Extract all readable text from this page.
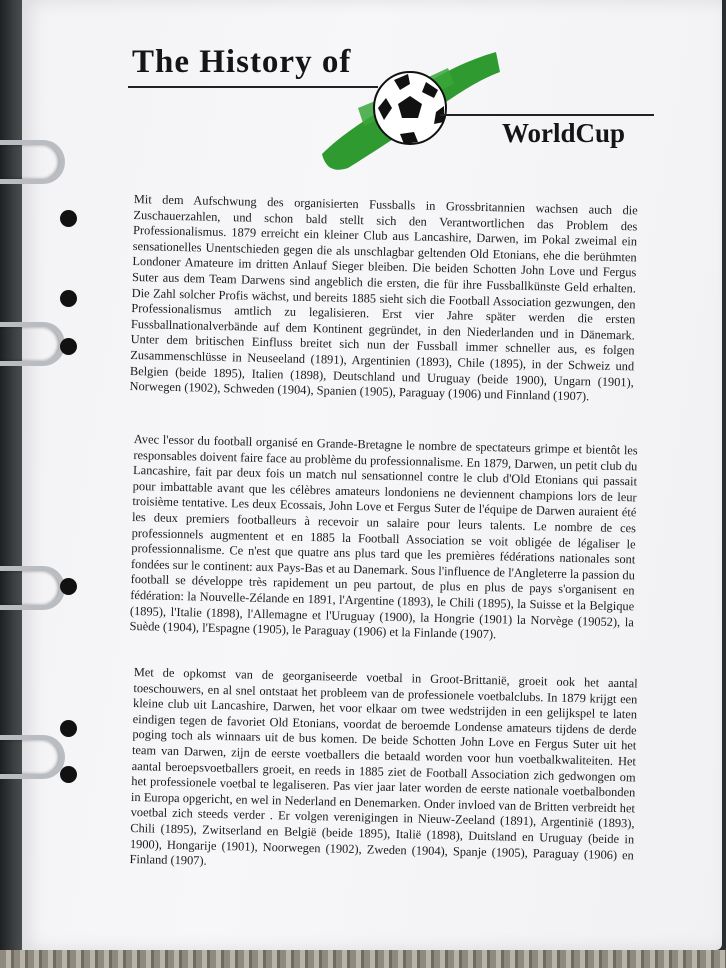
The History of
WorldCup

Mit dem Aufschwung des organisierten Fussballs in Grossbritannien wachsen auch die Zuschauerzahlen, und schon bald stellt sich den Verantwortlichen das Problem des Professionalismus. 1879 erreicht ein kleiner Club aus Lancashire, Darwen, im Pokal zweimal ein sensationelles Unentschieden gegen die als unschlagbar geltenden Old Etonians, ehe die berühmten Londoner Amateure im dritten Anlauf Sieger bleiben. Die beiden Schotten John Love und Fergus Suter aus dem Team Darwens sind angeblich die ersten, die für ihre Fussballkünste Geld erhalten. Die Zahl solcher Profis wächst, und bereits 1885 sieht sich die Football Association gezwungen, den Professionalismus amtlich zu legalisieren. Erst vier Jahre später werden die ersten Fussballnationalverbände auf dem Kontinent gegründet, in den Niederlanden und in Dänemark. Unter dem britischen Einfluss breitet sich nun der Fussball immer schneller aus, es folgen Zusammenschlüsse in Neuseeland (1891), Argentinien (1893), Chile (1895), in der Schweiz und Belgien (beide 1895), Italien (1898), Deutschland und Uruguay (beide 1900), Ungarn (1901), Norwegen (1902), Schweden (1904), Spanien (1905), Paraguay (1906) und Finnland (1907).

Avec l'essor du football organisé en Grande-Bretagne le nombre de spectateurs grimpe et bientôt les responsables doivent faire face au problème du professionnalisme. En 1879, Darwen, un petit club du Lancashire, fait par deux fois un match nul sensationnel contre le club d'Old Etonians qui passait pour imbattable avant que les célèbres amateurs londoniens ne deviennent champions lors de leur troisième tentative. Les deux Ecossais, John Love et Fergus Suter de l'équipe de Darwen auraient été les deux premiers footballeurs à recevoir un salaire pour leurs talents. Le nombre de ces professionnels augmentent et en 1885 la Football Association se voit obligée de légaliser le professionnalisme. Ce n'est que quatre ans plus tard que les premières fédérations nationales sont fondées sur le continent: aux Pays-Bas et au Danemark. Sous l'influence de l'Angleterre la passion du football se développe très rapidement un peu partout, de plus en plus de pays s'organisent en fédération: la Nouvelle-Zélande en 1891, l'Argentine (1893), le Chili (1895), la Suisse et la Belgique (1895), l'Italie (1898), l'Allemagne et l'Uruguay (1900), la Hongrie (1901) la Norvège (19052), la Suède (1904), l'Espagne (1905), le Paraguay (1906) et la Finlande (1907).

Met de opkomst van de georganiseerde voetbal in Groot-Brittanië, groeit ook het aantal toeschouwers, en al snel ontstaat het probleem van de professionele voetbalclubs. In 1879 krijgt een kleine club uit Lancashire, Darwen, het voor elkaar om twee wedstrijden in een gelijkspel te laten eindigen tegen de favoriet Old Etonians, voordat de beroemde Londense amateurs tijdens de derde poging toch als winnaars uit de bus komen. De beide Schotten John Love en Fergus Suter uit het team van Darwen, zijn de eerste voetballers die betaald worden voor hun voetbalkwaliteiten. Het aantal beroepsvoetballers groeit, en reeds in 1885 ziet de Football Association zich gedwongen om het professionele voetbal te legaliseren. Pas vier jaar later worden de eerste nationale voetbalbonden in Europa opgericht, en wel in Nederland en Denemarken. Onder invloed van de Britten verbreidt het voetbal zich steeds verder . Er volgen verenigingen in Nieuw-Zeeland (1891), Argentinië (1893), Chili (1895), Zwitserland en België (beide 1895), Italië (1898), Duitsland en Uruguay (beide in 1900), Hongarije (1901), Noorwegen (1902), Zweden (1904), Spanje (1905), Paraguay (1906) en Finland (1907).
